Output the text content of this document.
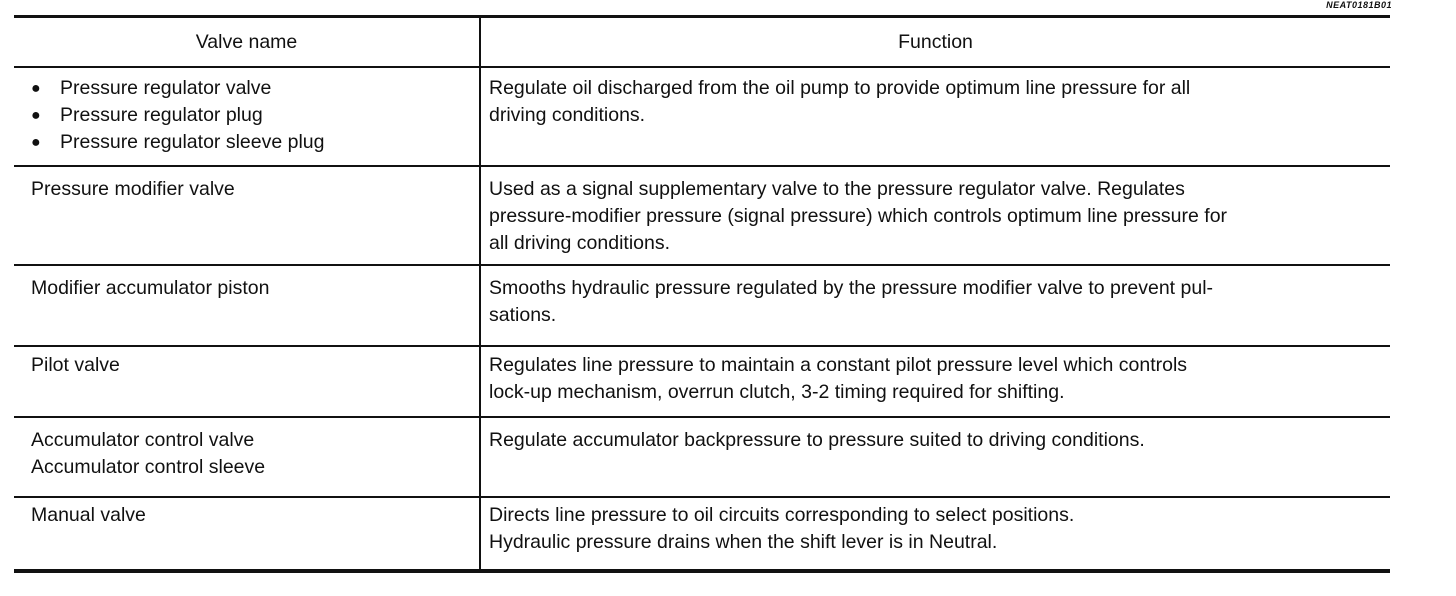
NEAT0181B01
Valve name	Function

● Pressure regulator valve
● Pressure regulator plug
● Pressure regulator sleeve plug	Regulate oil discharged from the oil pump to provide optimum line pressure for all
driving conditions.

Pressure modifier valve	Used as a signal supplementary valve to the pressure regulator valve. Regulates
pressure-modifier pressure (signal pressure) which controls optimum line pressure for
all driving conditions.

Modifier accumulator piston	Smooths hydraulic pressure regulated by the pressure modifier valve to prevent pul-
sations.

Pilot valve	Regulates line pressure to maintain a constant pilot pressure level which controls
lock-up mechanism, overrun clutch, 3-2 timing required for shifting.

Accumulator control valve
Accumulator control sleeve	Regulate accumulator backpressure to pressure suited to driving conditions.

Manual valve	Directs line pressure to oil circuits corresponding to select positions.
Hydraulic pressure drains when the shift lever is in Neutral.
